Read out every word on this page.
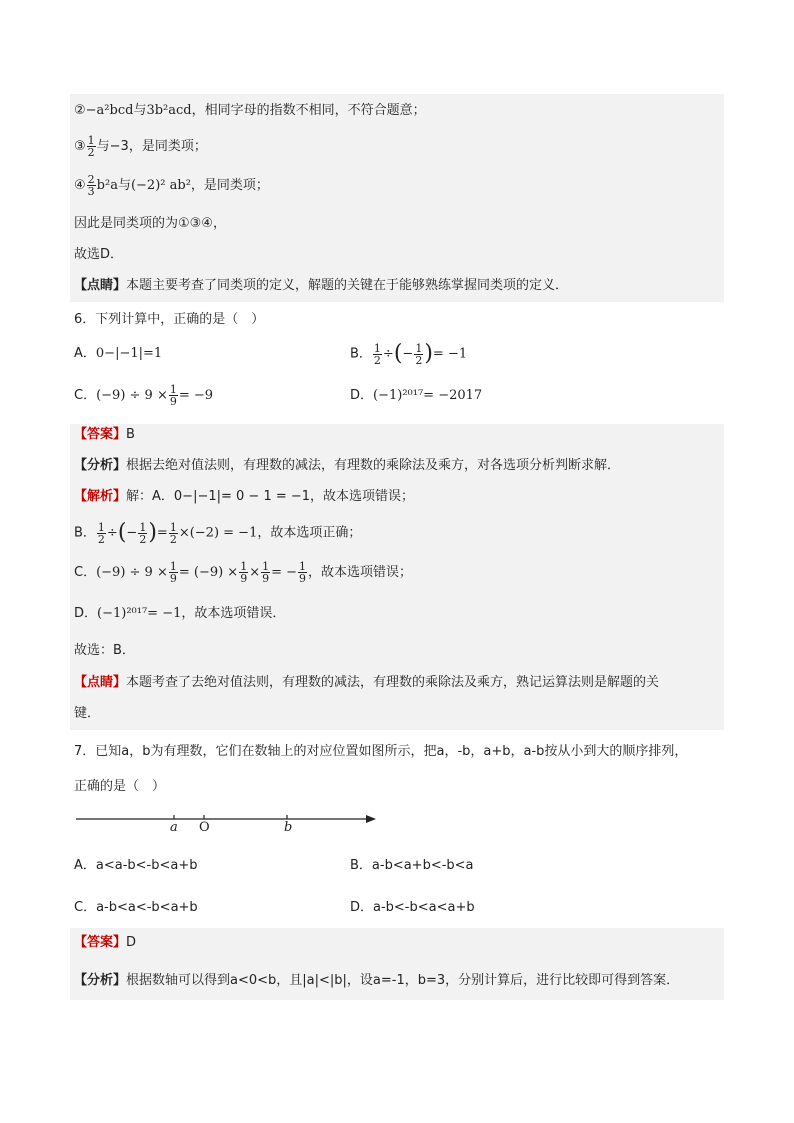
②−a²bcd与3b²acd，相同字母的指数不相同，不符合题意；
③ $\frac{1}{2}$ 与−3，是同类项；
④ $\frac{2}{3} b^2a$与(−2)² ab²，是同类项；
因此是同类项的为①③④，
故选D．
【点睛】本题主要考查了同类项的定义，解题的关键在于能够熟练掌握同类项的定义．
6．下列计算中，正确的是（　）
A．0−|−1|=1	B． $\frac{1}{2}$ ÷(− $\frac{1}{2}$ )= −1
C．$(-9) \div 9 \times \frac{1}{9} = -9$	D．(−1)²⁰¹⁷= −2017
【答案】B
【分析】根据去绝对值法则，有理数的减法，有理数的乘除法及乘方，对各选项分析判断求解．
【解析】解：A．0−|−1|= 0 − 1 = −1，故本选项错误；
B． $\frac{1}{2}$ ÷(− $\frac{1}{2}$ )= $\frac{1}{2} \times(-2) = -1$，故本选项正确；
C．$(-9) \div 9 \times \frac{1}{9} = (-9) \times \frac{1}{9} \times \frac{1}{9}$ = − $\frac{1}{9}$ ，故本选项错误；
D．(−1)²⁰¹⁷= −1，故本选项错误．
故选：B．
【点睛】本题考查了去绝对值法则，有理数的减法，有理数的乘除法及乘方，熟记运算法则是解题的关
键．
7．已知a，b为有理数，它们在数轴上的对应位置如图所示，把a，-b，a+b，a-b按从小到大的顺序排列，
正确的是（　）
a O	b
A．a<a-b<-b<a+b	B．a-b<a+b<-b<a
C．a-b<a<-b<a+b	D．a-b<-b<a<a+b
【答案】D
【分析】根据数轴可以得到a<0<b，且|a|<|b|，设a=-1，b=3，分别计算后，进行比较即可得到答案．
